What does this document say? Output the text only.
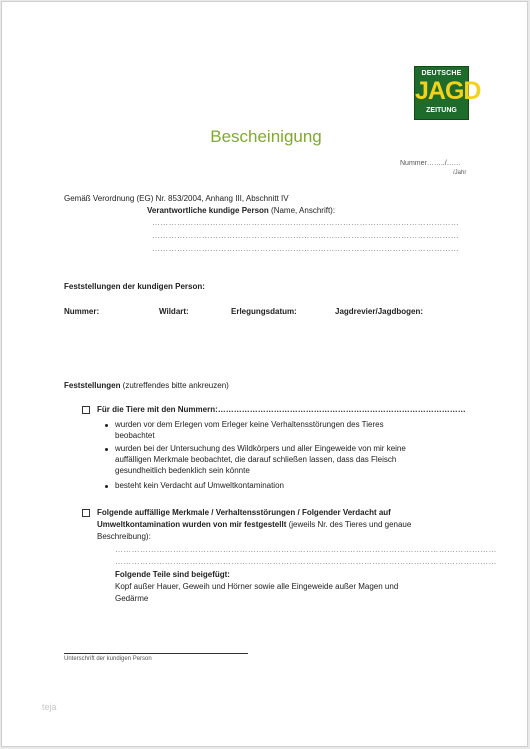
DEUTSCHE
JAGD
ZEITUNG
Bescheinigung
Nummer……../……
/Jahr
Gemäß Verordnung (EG) Nr. 853/2004, Anhang III, Abschnitt IV
Verantwortliche kundige Person (Name, Anschrift):
…………………………………………………………………………………………………
…………………………………………………………………………………………………
…………………………………………………………………………………………………
Feststellungen der kundigen Person:
Nummer:	Wildart:	Erlegungsdatum:	Jagdrevier/Jagdbogen:
Feststellungen (zutreffendes bitte ankreuzen)
Für die Tiere mit den Nummern:…………………………………………………………………………………
wurden vor dem Erlegen vom Erleger keine Verhaltensstörungen des Tieres
beobachtet
wurden bei der Untersuchung des Wildkörpers und aller Eingeweide von mir keine
auffälligen Merkmale beobachtet, die darauf schließen lassen, dass das Fleisch
gesundheitlich bedenklich sein könnte
besteht kein Verdacht auf Umweltkontamination
Folgende auffällige Merkmale / Verhaltensstörungen / Folgender Verdacht auf
Umweltkontamination wurden von mir festgestellt (jeweils Nr. des Tieres und genaue
Beschreibung):
…………………………………………………………………………………………………………………………
…………………………………………………………………………………………………………………………
Folgende Teile sind beigefügt:
Kopf außer Hauer, Geweih und Hörner sowie alle Eingeweide außer Magen und
Gedärme
Unterschrift der kundigen Person
teja
